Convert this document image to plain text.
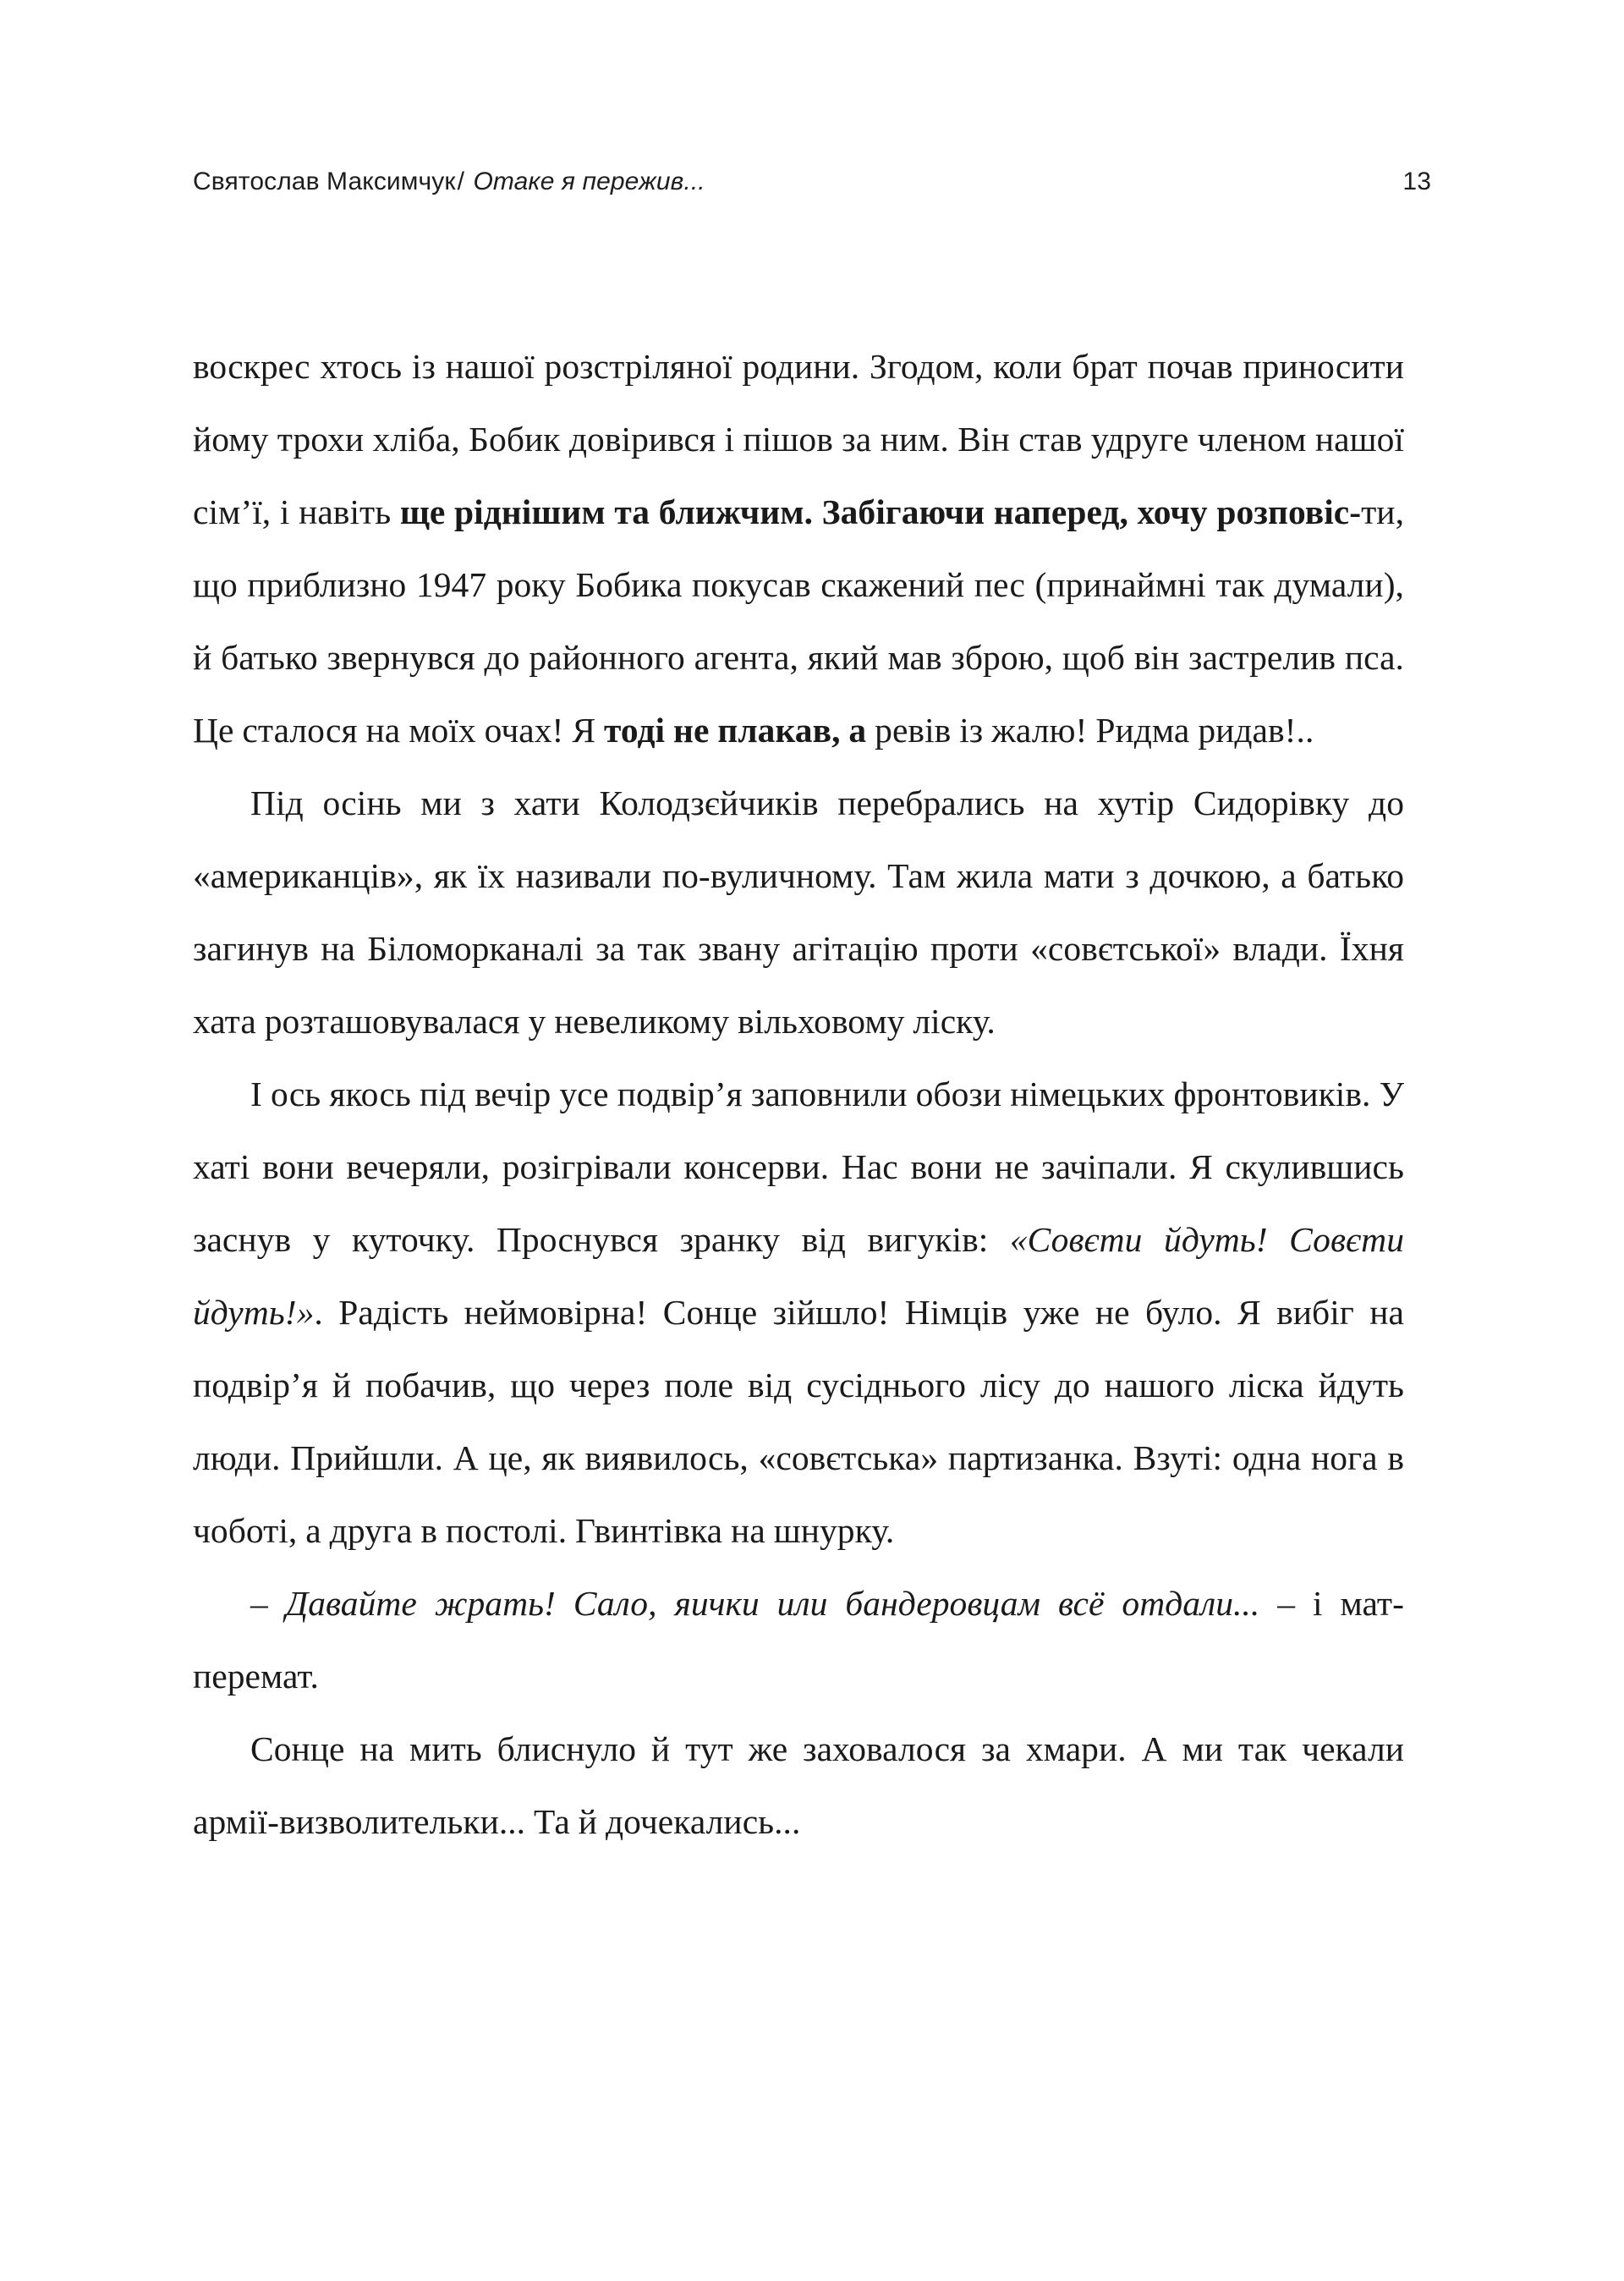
Святослав Максимчук/ Отаке я пережив...	13

воскрес хтось із нашої розстріляної родини. Згодом, коли брат почав приносити йому трохи хліба, Бобик довірився і пішов за ним. Він став удруге членом нашої сім’ї, і навіть ще ріднішим та ближчим. Забігаючи наперед, хочу розповіс-ти, що приблизно 1947 року Бобика покусав скажений пес (принаймні так думали), й батько звернувся до районного агента, який мав зброю, щоб він застрелив пса. Це сталося на моїх очах! Я тоді не плакав, а ревів із жалю! Ридма ридав!..

Під осінь ми з хати Колодзєйчиків перебрались на хутір Сидорівку до «американців», як їх називали по-вуличному. Там жила мати з дочкою, а батько загинув на Біломорканалі за так звану агітацію проти «совєтської» влади. Їхня хата розташовувалася у невеликому вільховому ліску.

І ось якось під вечір усе подвір’я заповнили обози німецьких фронтовиків. У хаті вони вечеряли, розігрівали консерви. Нас вони не зачіпали. Я скулившись заснув у куточку. Проснувся зранку від вигуків: «Совєти йдуть! Совєти йдуть!». Радість неймовірна! Сонце зійшло! Німців уже не було. Я вибіг на подвір’я й побачив, що через поле від сусіднього лісу до нашого ліска йдуть люди. Прийшли. А це, як виявилось, «совєтська» партизанка. Взуті: одна нога в чоботі, а друга в постолі. Гвинтівка на шнурку.

– Давайте жрать! Сало, яички или бандеровцам всё отдали... – і мат-перемат.

Сонце на мить блиснуло й тут же заховалося за хмари. А ми так чекали армії-визволительки... Та й дочекались...
